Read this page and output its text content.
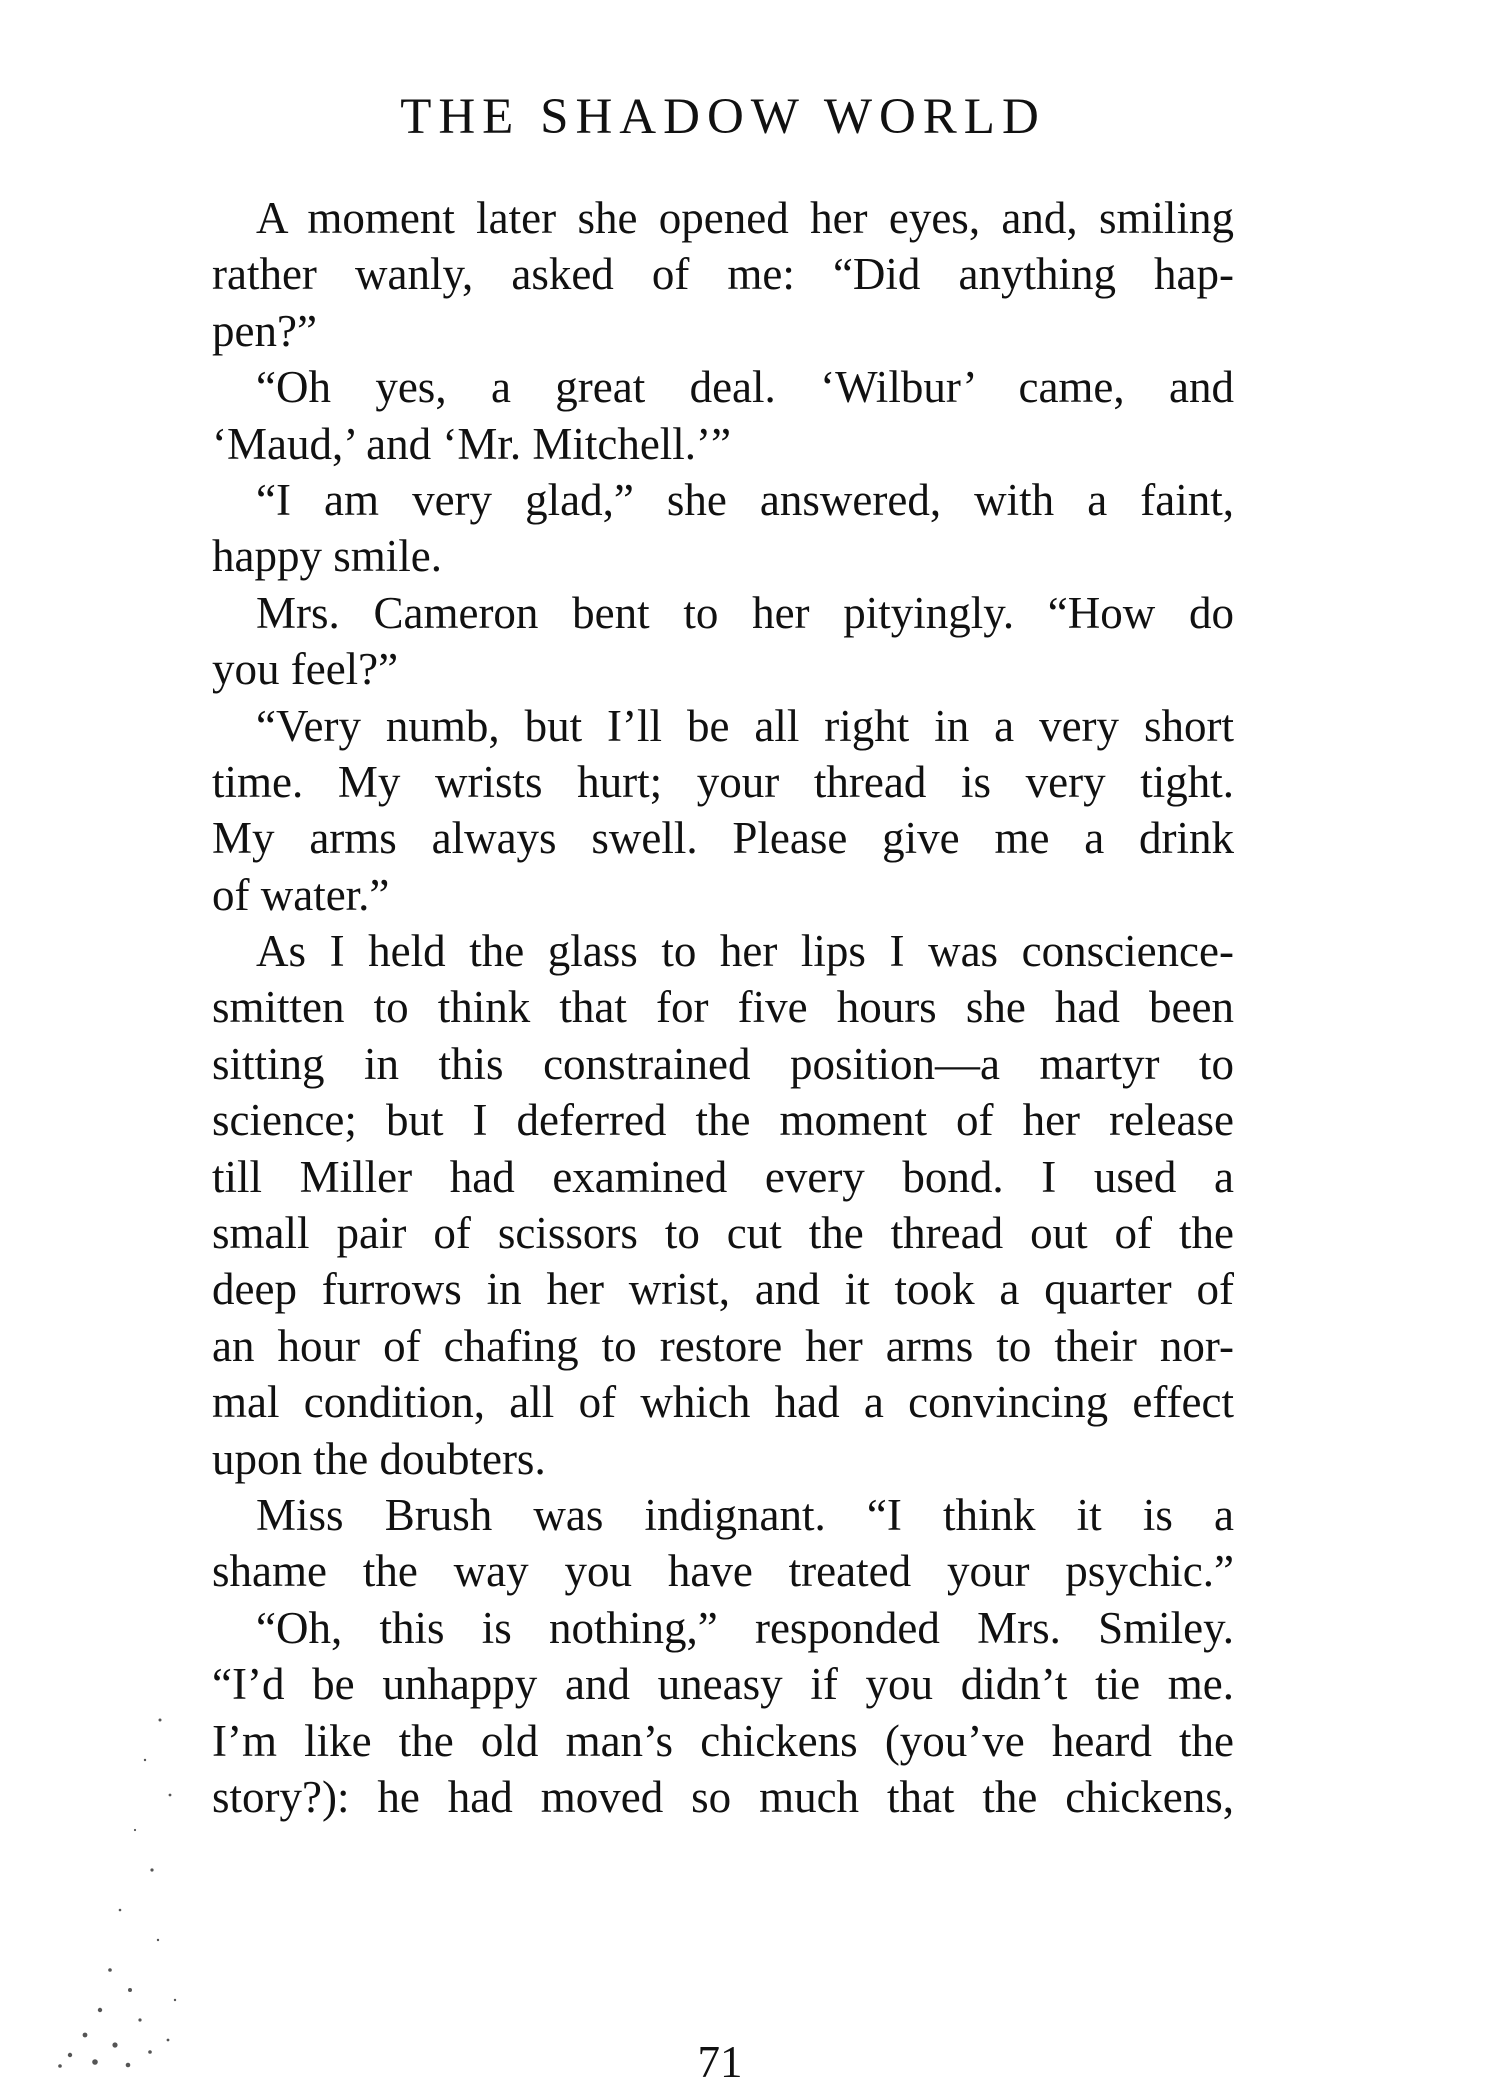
THE SHADOW WORLD
A moment later she opened her eyes, and, smiling
rather wanly, asked of me: “Did anything hap-
pen?”
“Oh yes, a great deal. ‘Wilbur’ came, and
‘Maud,’ and ‘Mr. Mitchell.’”
“I am very glad,” she answered, with a faint,
happy smile.
Mrs. Cameron bent to her pityingly. “How do
you feel?”
“Very numb, but I’ll be all right in a very short
time. My wrists hurt; your thread is very tight.
My arms always swell. Please give me a drink
of water.”
As I held the glass to her lips I was conscience-
smitten to think that for five hours she had been
sitting in this constrained position—a martyr to
science; but I deferred the moment of her release
till Miller had examined every bond. I used a
small pair of scissors to cut the thread out of the
deep furrows in her wrist, and it took a quarter of
an hour of chafing to restore her arms to their nor-
mal condition, all of which had a convincing effect
upon the doubters.
Miss Brush was indignant. “I think it is a
shame the way you have treated your psychic.”
“Oh, this is nothing,” responded Mrs. Smiley.
“I’d be unhappy and uneasy if you didn’t tie me.
I’m like the old man’s chickens (you’ve heard the
story?): he had moved so much that the chickens,
71
